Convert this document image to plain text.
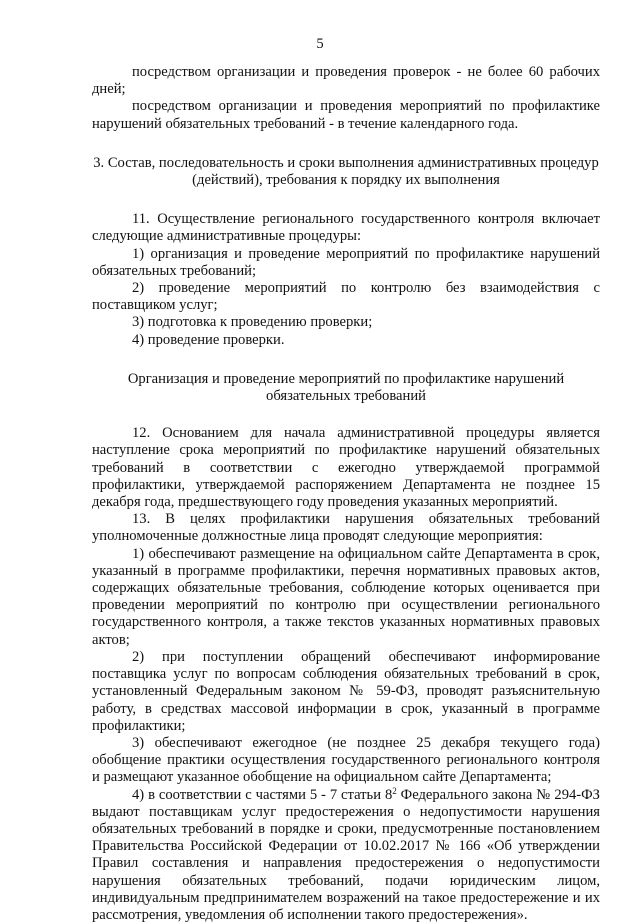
5

посредством организации и проведения проверок - не более 60 рабочих дней;

посредством организации и проведения мероприятий по профилактике нарушений обязательных требований - в течение календарного года.

3. Состав, последовательность и сроки выполнения административных процедур (действий), требования к порядку их выполнения

11. Осуществление регионального государственного контроля включает следующие административные процедуры:

1) организация и проведение мероприятий по профилактике нарушений обязательных требований;

2) проведение мероприятий по контролю без взаимодействия с поставщиком услуг;

3) подготовка к проведению проверки;

4) проведение проверки.

Организация и проведение мероприятий по профилактике нарушений обязательных требований

12. Основанием для начала административной процедуры является наступление срока мероприятий по профилактике нарушений обязательных требований в соответствии с ежегодно утверждаемой программой профилактики, утверждаемой распоряжением Департамента не позднее 15 декабря года, предшествующего году проведения указанных мероприятий.

13. В целях профилактики нарушения обязательных требований уполномоченные должностные лица проводят следующие мероприятия:

1) обеспечивают размещение на официальном сайте Департамента в срок, указанный в программе профилактики, перечня нормативных правовых актов, содержащих обязательные требования, соблюдение которых оценивается при проведении мероприятий по контролю при осуществлении регионального государственного контроля, а также текстов указанных нормативных правовых актов;

2) при поступлении обращений обеспечивают информирование поставщика услуг по вопросам соблюдения обязательных требований в срок, установленный Федеральным законом № 59-ФЗ, проводят разъяснительную работу, в средствах массовой информации в срок, указанный в программе профилактики;

3) обеспечивают ежегодное (не позднее 25 декабря текущего года) обобщение практики осуществления государственного регионального контроля и размещают указанное обобщение на официальном сайте Департамента;

4) в соответствии с частями 5 - 7 статьи $8^2$ Федерального закона № 294-ФЗ выдают поставщикам услуг предостережения о недопустимости нарушения обязательных требований в порядке и сроки, предусмотренные постановлением Правительства Российской Федерации от 10.02.2017 № 166 «Об утверждении Правил составления и направления предостережения о недопустимости нарушения обязательных требований, подачи юридическим лицом, индивидуальным предпринимателем возражений на такое предостережение и их рассмотрения, уведомления об исполнении такого предостережения».
